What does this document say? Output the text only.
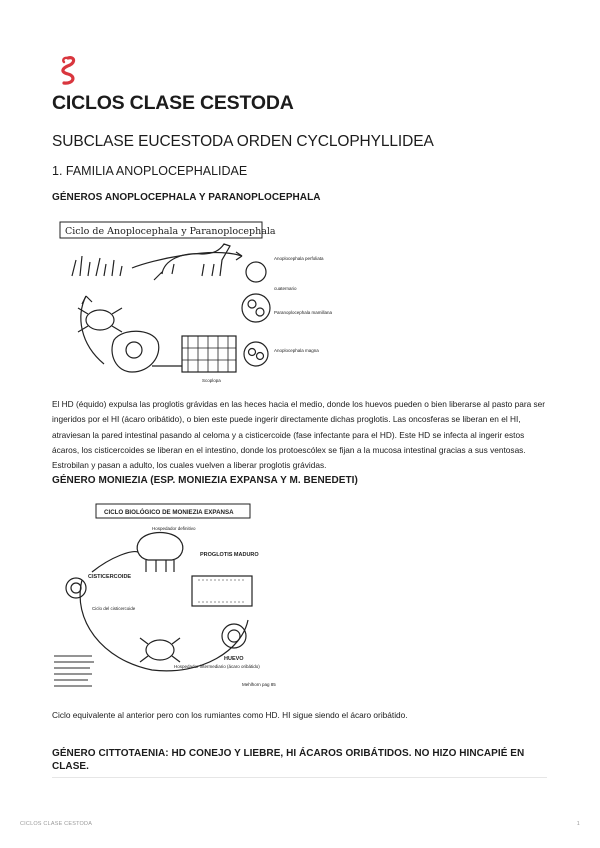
CICLOS CLASE CESTODA
SUBCLASE EUCESTODA ORDEN CYCLOPHYLLIDEA
1. FAMILIA ANOPLOCEPHALIDAE
GÉNEROS ANOPLOCEPHALA Y PARANOPLOCEPHALA
Ciclo de Anoplocephala y Paranoplocephala
Anoplocephala perfoliata
cuaternario
Paranoplocephala mamillana
Anoplocephala magna
Scoplopa

El HD (équido) expulsa las proglotis grávidas en las heces hacia el medio, donde los huevos pueden o bien liberarse al pasto para ser ingeridos por el HI (ácaro oribátido), o bien este puede ingerir directamente dichas proglotis. Las oncosferas se liberan en el HI, atraviesan la pared intestinal pasando al celoma y a cisticercoide (fase infectante para el HD). Este HD se infecta al ingerir estos ácaros, los cisticercoides se liberan en el intestino, donde los protoescólex se fijan a la mucosa intestinal gracias a sus ventosas. Estrobilan y pasan a adulto, los cuales vuelven a liberar proglotis grávidas.

GÉNERO MONIEZIA (ESP. MONIEZIA EXPANSA Y M. BENEDETI)
CICLO BIOLÓGICO DE MONIEZIA EXPANSA
Hospedador definitivo
PROGLOTIS MADURO
CISTICERCOIDE
Ciclo del cisticercoide
HUEVO
Hospedador intermediario (ácaro oribátido)
Mehlhorn pag 85

Ciclo equivalente al anterior pero con los rumiantes como HD. HI sigue siendo el ácaro oribátido.

GÉNERO CITTOTAENIA: HD CONEJO Y LIEBRE, HI ÁCAROS ORIBÁTIDOS. NO HIZO HINCAPIÉ EN CLASE.
CICLOS CLASE CESTODA	1
